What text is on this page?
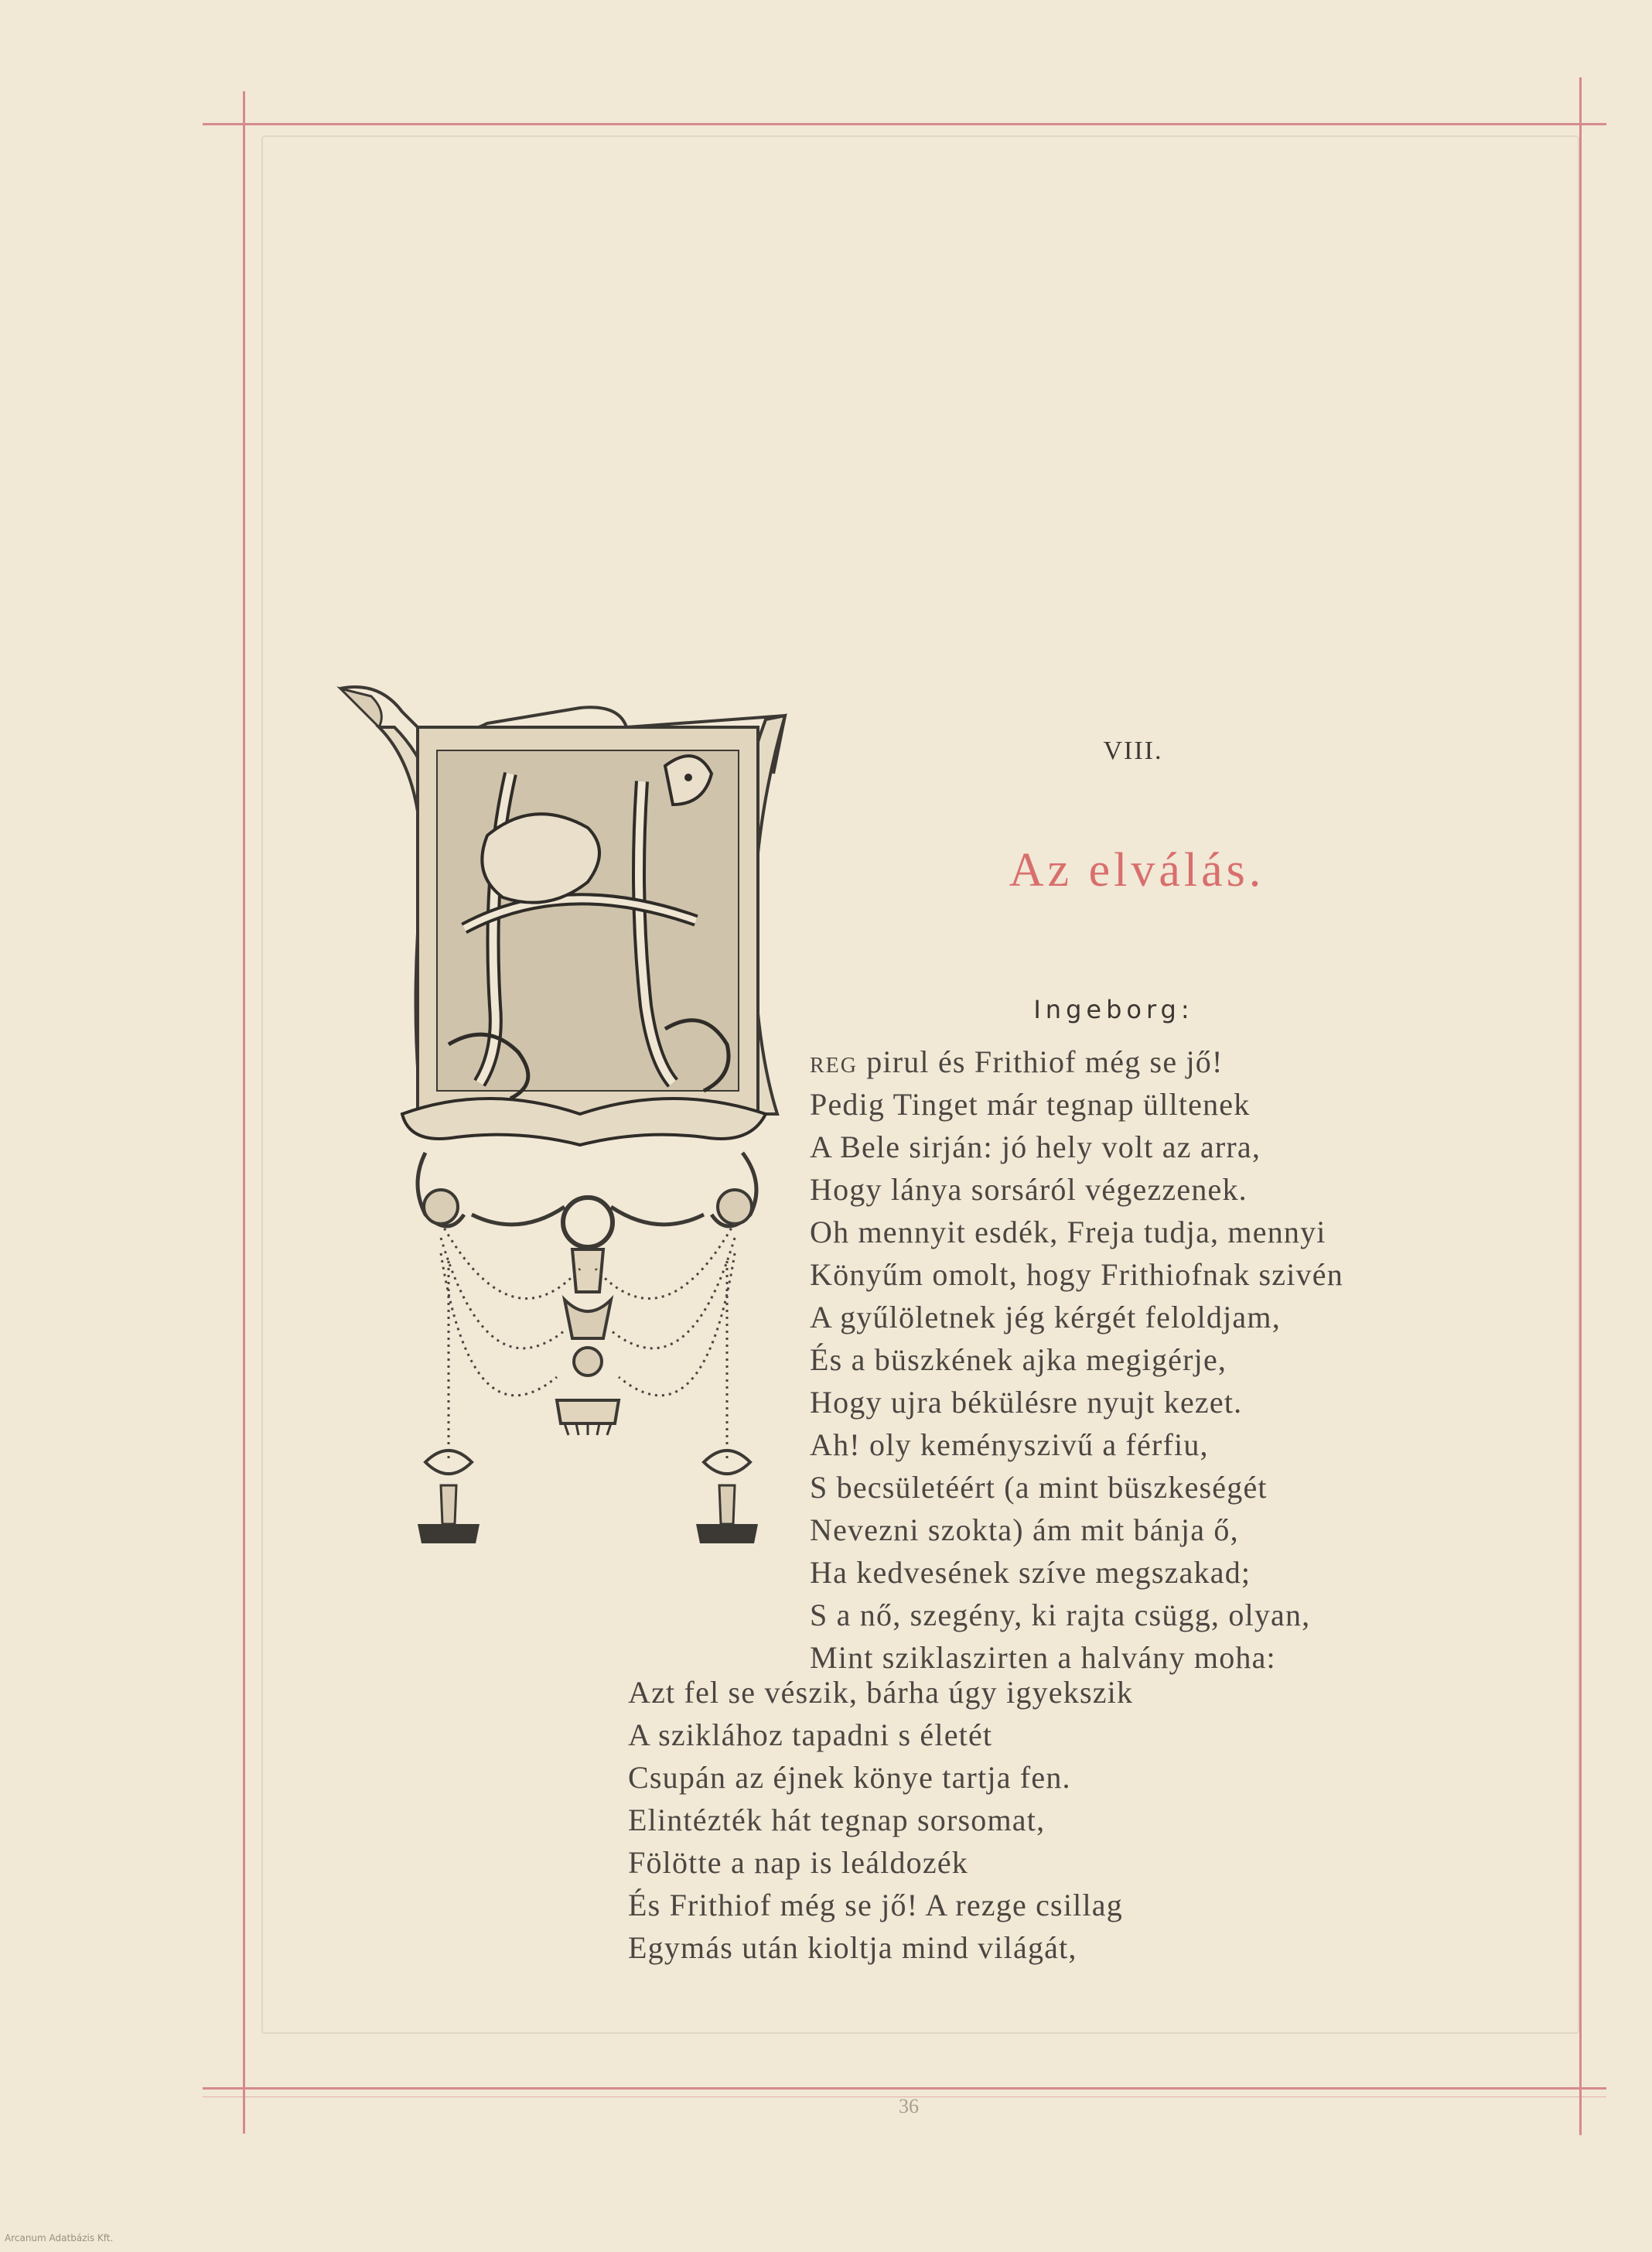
VIII.
Az elválás.
Ingeborg:
REG pirul és Frithiof még se jő!
Pedig Tinget már tegnap ülltenek
A Bele sirján: jó hely volt az arra,
Hogy lánya sorsáról végezzenek.
Oh mennyit esdék, Freja tudja, mennyi
Könyűm omolt, hogy Frithiofnak szivén
A gyűlöletnek jég kérgét feloldjam,
És a büszkének ajka megigérje,
Hogy ujra békülésre nyujt kezet.
Ah! oly keményszivű a férfiu,
S becsületéért (a mint büszkeségét
Nevezni szokta) ám mit bánja ő,
Ha kedvesének szíve megszakad;
S a nő, szegény, ki rajta csügg, olyan,
Mint sziklaszirten a halvány moha:
Azt fel se vészik, bárha úgy igyekszik
A sziklához tapadni s életét
Csupán az éjnek könye tartja fen.
Elintézték hát tegnap sorsomat,
Fölötte a nap is leáldozék
És Frithiof még se jő! A rezge csillag
Egymás után kioltja mind világát,
36
Arcanum Adatbázis Kft.
